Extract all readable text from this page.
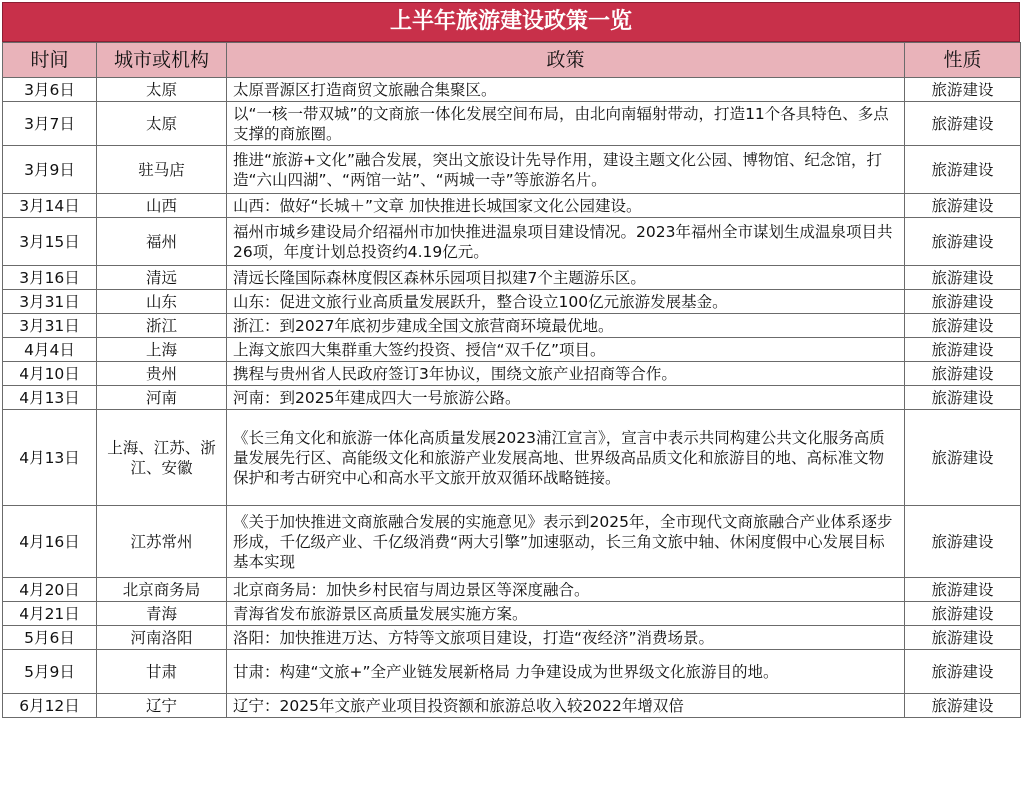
上半年旅游建设政策一览
时间	城市或机构	政策	性质
3月6日	太原	太原晋源区打造商贸文旅融合集聚区。	旅游建设
3月7日	太原	以“一核一带双城”的文商旅一体化发展空间布局，由北向南辐射带动，打造11个各具特色、多点支撑的商旅圈。	旅游建设
3月9日	驻马店	推进“旅游+文化”融合发展，突出文旅设计先导作用，建设主题文化公园、博物馆、纪念馆，打造“六山四湖”、“两馆一站”、“两城一寺”等旅游名片。	旅游建设
3月14日	山西	山西：做好“长城＋”文章 加快推进长城国家文化公园建设。	旅游建设
3月15日	福州	福州市城乡建设局介绍福州市加快推进温泉项目建设情况。2023年福州全市谋划生成温泉项目共26项，年度计划总投资约4.19亿元。	旅游建设
3月16日	清远	清远长隆国际森林度假区森林乐园项目拟建7个主题游乐区。	旅游建设
3月31日	山东	山东：促进文旅行业高质量发展跃升，整合设立100亿元旅游发展基金。	旅游建设
3月31日	浙江	浙江：到2027年底初步建成全国文旅营商环境最优地。	旅游建设
4月4日	上海	上海文旅四大集群重大签约投资、授信“双千亿”项目。	旅游建设
4月10日	贵州	携程与贵州省人民政府签订3年协议，围绕文旅产业招商等合作。	旅游建设
4月13日	河南	河南：到2025年建成四大一号旅游公路。	旅游建设
4月13日	上海、江苏、浙江、安徽	《长三角文化和旅游一体化高质量发展2023浦江宣言》，宣言中表示共同构建公共文化服务高质量发展先行区、高能级文化和旅游产业发展高地、世界级高品质文化和旅游目的地、高标准文物保护和考古研究中心和高水平文旅开放双循环战略链接。	旅游建设
4月16日	江苏常州	《关于加快推进文商旅融合发展的实施意见》表示到2025年，全市现代文商旅融合产业体系逐步形成，千亿级产业、千亿级消费“两大引擎”加速驱动，长三角文旅中轴、休闲度假中心发展目标基本实现	旅游建设
4月20日	北京商务局	北京商务局：加快乡村民宿与周边景区等深度融合。	旅游建设
4月21日	青海	青海省发布旅游景区高质量发展实施方案。	旅游建设
5月6日	河南洛阳	洛阳：加快推进万达、方特等文旅项目建设，打造“夜经济”消费场景。	旅游建设
5月9日	甘肃	甘肃：构建“文旅+”全产业链发展新格局 力争建设成为世界级文化旅游目的地。	旅游建设
6月12日	辽宁	辽宁：2025年文旅产业项目投资额和旅游总收入较2022年增双倍	旅游建设
